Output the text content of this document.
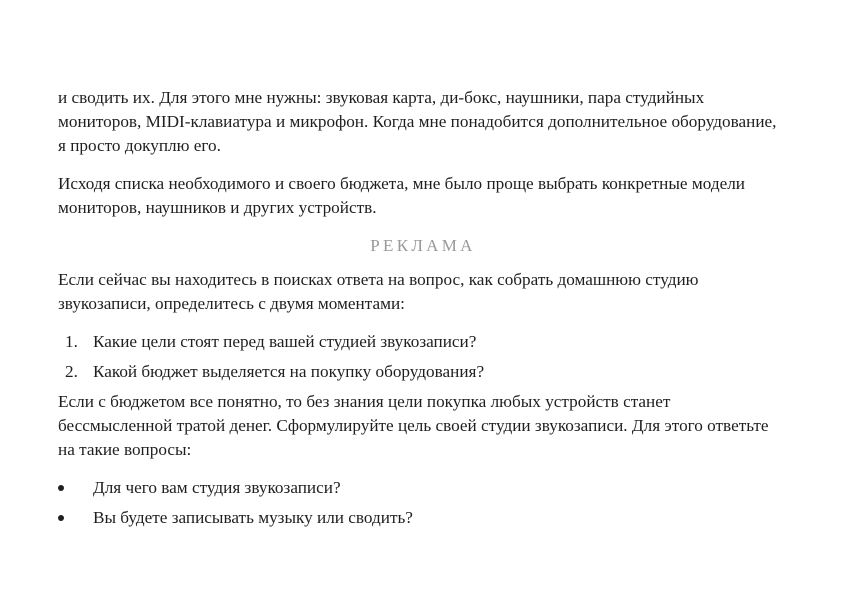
и сводить их. Для этого мне нужны: звуковая карта, ди-бокс, наушники, пара студийных мониторов, MIDI-клавиатура и микрофон. Когда мне понадобится дополнительное оборудование, я просто докуплю его.

Исходя списка необходимого и своего бюджета, мне было проще выбрать конкретные модели мониторов, наушников и других устройств.

РЕКЛАМА

Если сейчас вы находитесь в поисках ответа на вопрос, как собрать домашнюю студию звукозаписи, определитесь с двумя моментами:

1. Какие цели стоят перед вашей студией звукозаписи?
2. Какой бюджет выделяется на покупку оборудования?

Если с бюджетом все понятно, то без знания цели покупка любых устройств станет бессмысленной тратой денег. Сформулируйте цель своей студии звукозаписи. Для этого ответьте на такие вопросы:

Для чего вам студия звукозаписи?
Вы будете записывать музыку или сводить?
